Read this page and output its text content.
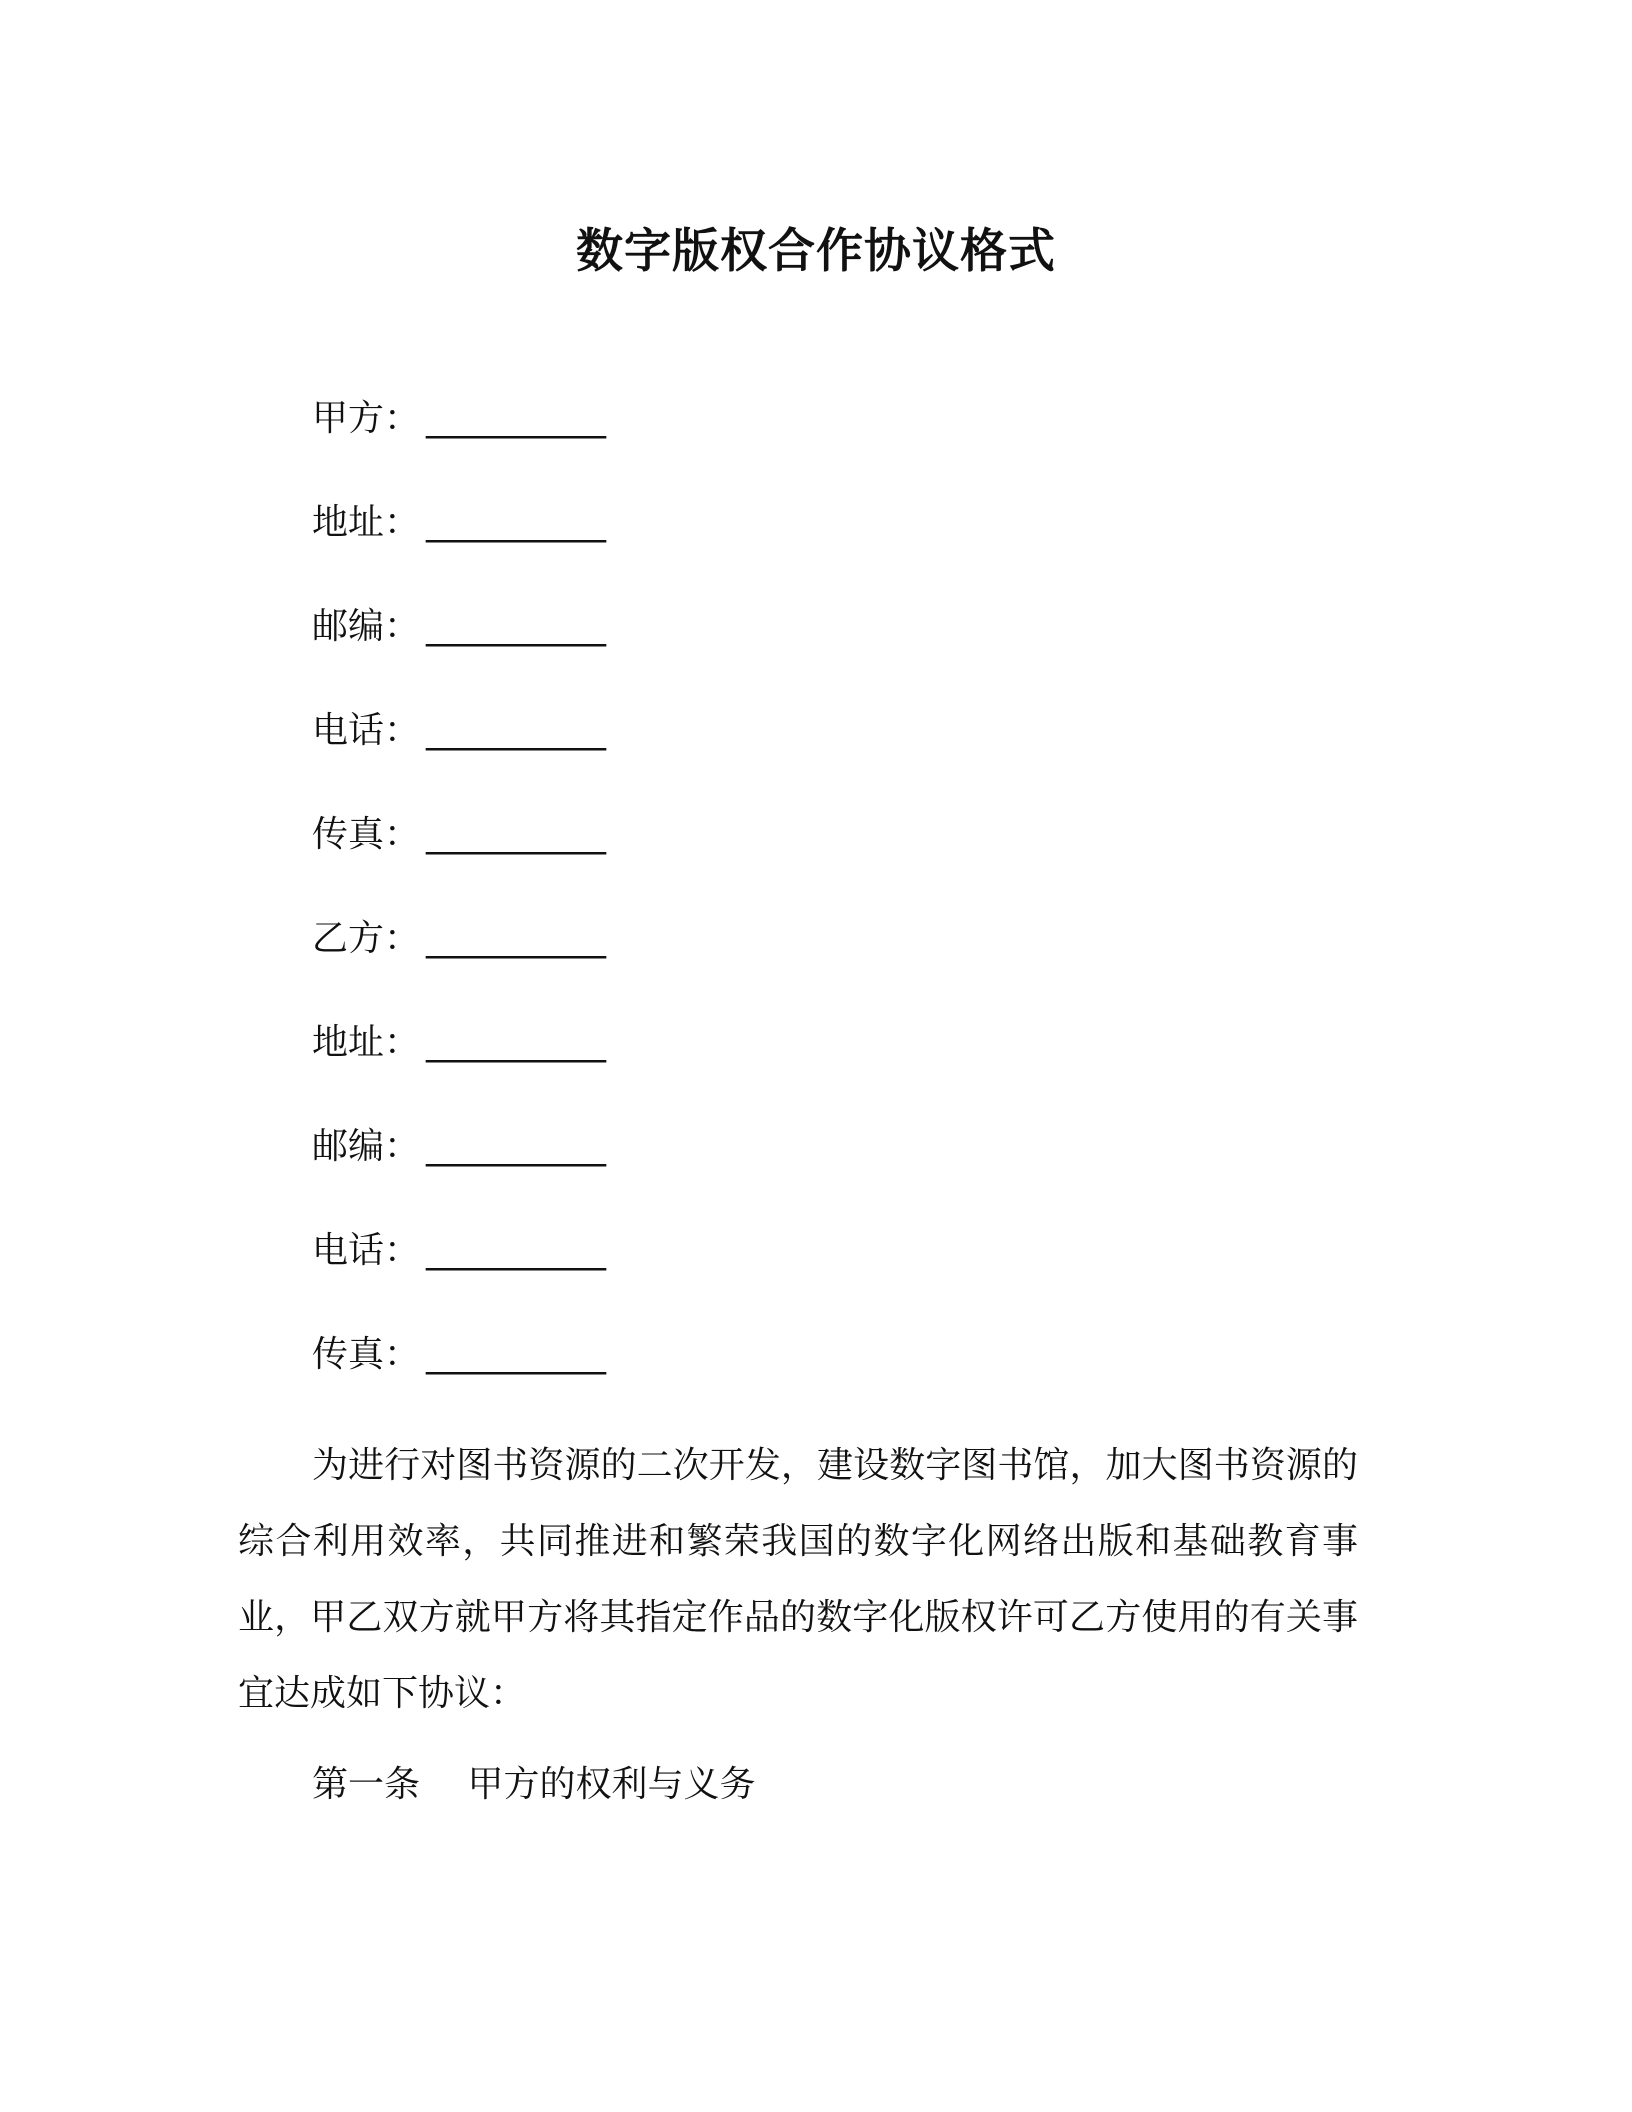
数字版权合作协议格式
甲方： __________
地址： __________
邮编： __________
电话： __________
传真： __________
乙方： __________
地址： __________
邮编： __________
电话： __________
传真： __________

为进行对图书资源的二次开发，建设数字图书馆，加大图书资源的综合利用效率，共同推进和繁荣我国的数字化网络出版和基础教育事业，甲乙双方就甲方将其指定作品的数字化版权许可乙方使用的有关事宜达成如下协议：

第一条　 甲方的权利与义务
